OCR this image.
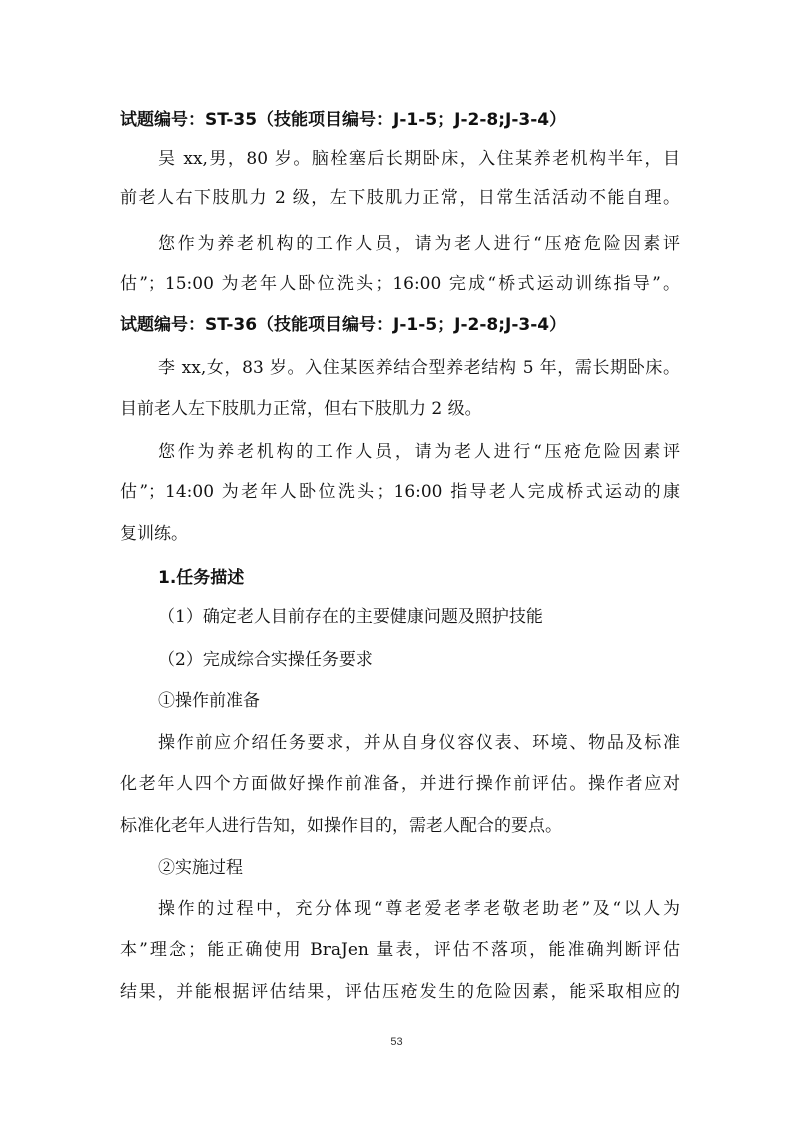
试题编号：ST-35（技能项目编号：J-1-5；J-2-8;J-3-4）
吴 xx,男，80 岁。脑栓塞后长期卧床，入住某养老机构半年，目
前老人右下肢肌力 2 级，左下肢肌力正常，日常生活活动不能自理。
您作为养老机构的工作人员，请为老人进行“压疮危险因素评
估”；15:00 为老年人卧位洗头；16:00 完成“桥式运动训练指导”。
试题编号：ST-36（技能项目编号：J-1-5；J-2-8;J-3-4）
李 xx,女，83 岁。入住某医养结合型养老结构 5 年，需长期卧床。
目前老人左下肢肌力正常，但右下肢肌力 2 级。
您作为养老机构的工作人员，请为老人进行“压疮危险因素评
估”；14:00 为老年人卧位洗头；16:00 指导老人完成桥式运动的康
复训练。
1.任务描述
（1）确定老人目前存在的主要健康问题及照护技能
（2）完成综合实操任务要求
①操作前准备
操作前应介绍任务要求，并从自身仪容仪表、环境、物品及标准
化老年人四个方面做好操作前准备，并进行操作前评估。操作者应对
标准化老年人进行告知，如操作目的，需老人配合的要点。
②实施过程
操作的过程中，充分体现“尊老爱老孝老敬老助老”及“以人为
本”理念；能正确使用 BraJen 量表，评估不落项，能准确判断评估
结果，并能根据评估结果，评估压疮发生的危险因素，能采取相应的
53
